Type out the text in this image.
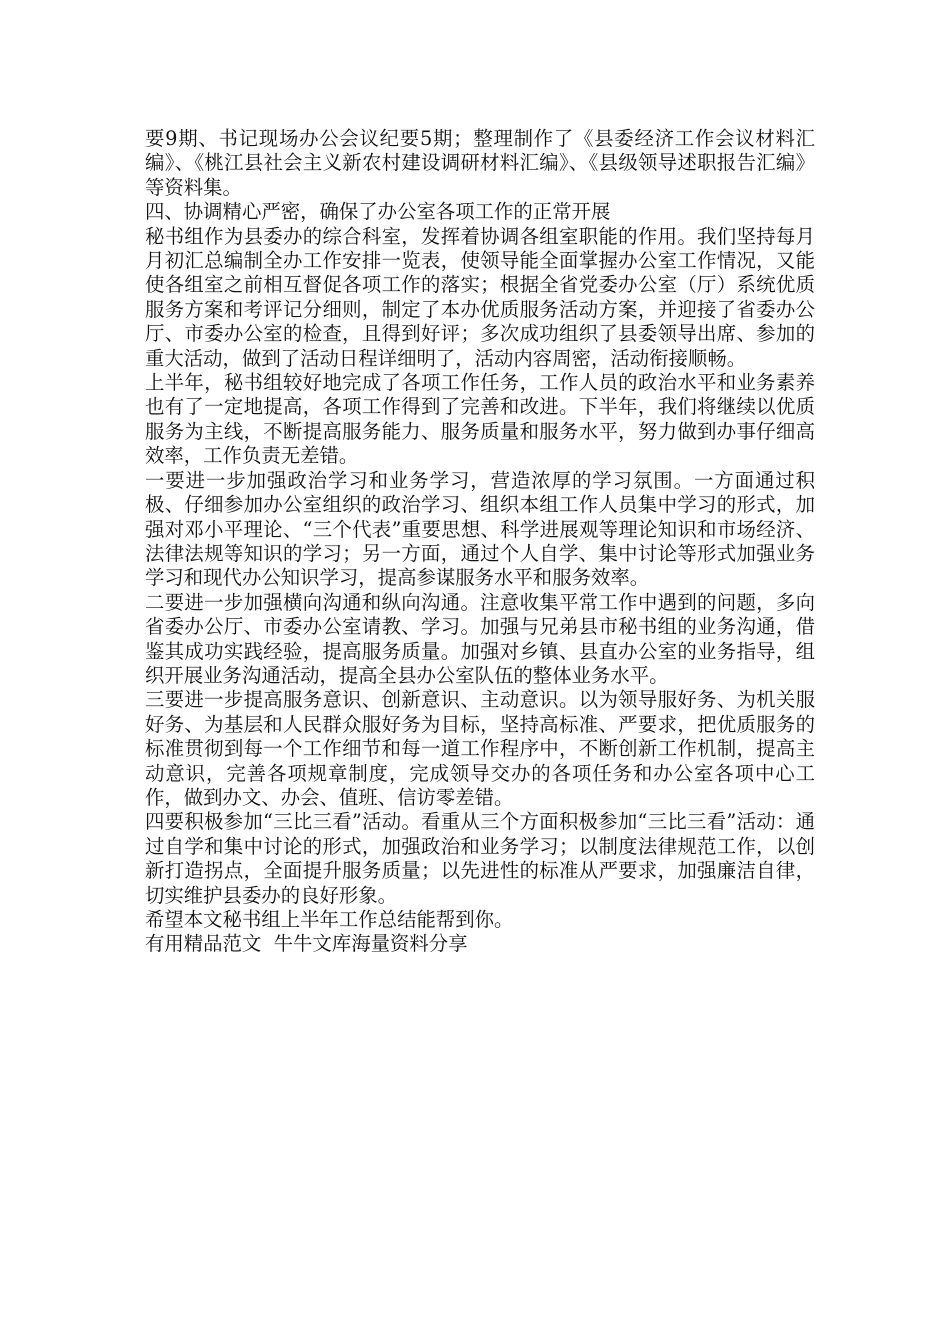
要9期、书记现场办公会议纪要5期；整理制作了《县委经济工作会议材料汇编》、《桃江县社会主义新农村建设调研材料汇编》、《县级领导述职报告汇编》等资料集。

四、协调精心严密，确保了办公室各项工作的正常开展

秘书组作为县委办的综合科室，发挥着协调各组室职能的作用。我们坚持每月月初汇总编制全办工作安排一览表，使领导能全面掌握办公室工作情况，又能使各组室之前相互督促各项工作的落实；根据全省党委办公室（厅）系统优质服务方案和考评记分细则，制定了本办优质服务活动方案，并迎接了省委办公厅、市委办公室的检查，且得到好评；多次成功组织了县委领导出席、参加的重大活动，做到了活动日程详细明了，活动内容周密，活动衔接顺畅。

上半年，秘书组较好地完成了各项工作任务，工作人员的政治水平和业务素养也有了一定地提高，各项工作得到了完善和改进。下半年，我们将继续以优质服务为主线，不断提高服务能力、服务质量和服务水平，努力做到办事仔细高效率，工作负责无差错。

一要进一步加强政治学习和业务学习，营造浓厚的学习氛围。一方面通过积极、仔细参加办公室组织的政治学习、组织本组工作人员集中学习的形式，加强对邓小平理论、“三个代表”重要思想、科学进展观等理论知识和市场经济、法律法规等知识的学习；另一方面，通过个人自学、集中讨论等形式加强业务学习和现代办公知识学习，提高参谋服务水平和服务效率。

二要进一步加强横向沟通和纵向沟通。注意收集平常工作中遇到的问题，多向省委办公厅、市委办公室请教、学习。加强与兄弟县市秘书组的业务沟通，借鉴其成功实践经验，提高服务质量。加强对乡镇、县直办公室的业务指导，组织开展业务沟通活动，提高全县办公室队伍的整体业务水平。

三要进一步提高服务意识、创新意识、主动意识。以为领导服好务、为机关服好务、为基层和人民群众服好务为目标，坚持高标准、严要求，把优质服务的标准贯彻到每一个工作细节和每一道工作程序中，不断创新工作机制，提高主动意识，完善各项规章制度，完成领导交办的各项任务和办公室各项中心工作，做到办文、办会、值班、信访零差错。

四要积极参加“三比三看”活动。看重从三个方面积极参加“三比三看”活动：通过自学和集中讨论的形式，加强政治和业务学习；以制度法律规范工作，以创新打造拐点，全面提升服务质量；以先进性的标准从严要求，加强廉洁自律，切实维护县委办的良好形象。

希望本文秘书组上半年工作总结能帮到你。

有用精品范文  牛牛文库海量资料分享
